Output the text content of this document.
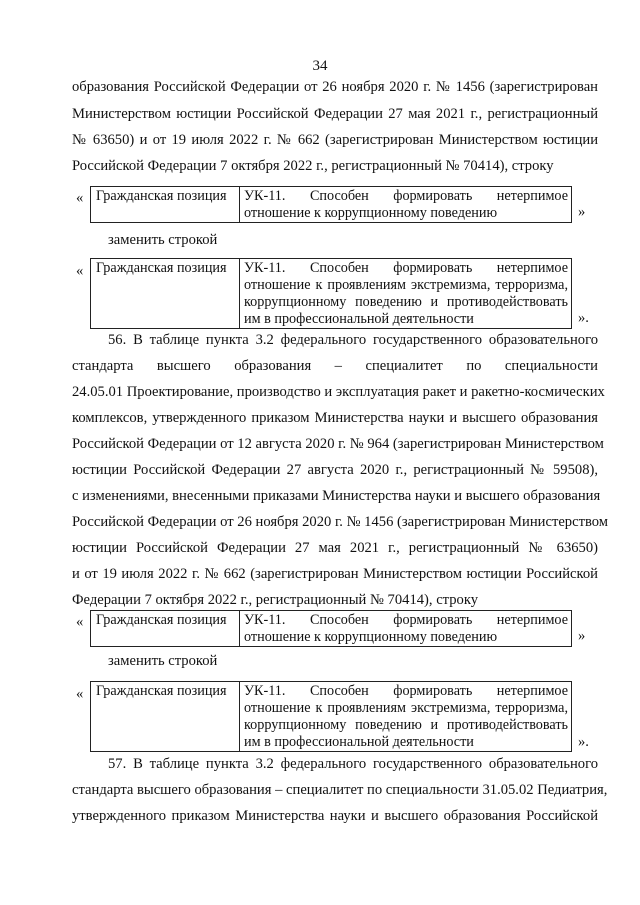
34
образования Российской Федерации от 26 ноября 2020 г. № 1456 (зарегистрирован
Министерством юстиции Российской Федерации 27 мая 2021 г., регистрационный
№ 63650) и от 19 июля 2022 г. № 662 (зарегистрирован Министерством юстиции
Российской Федерации 7 октября 2022 г., регистрационный № 70414), строку
« Гражданская позиция	УК-11. Способен формировать нетерпимое
отношение к коррупционному поведению	»
заменить строкой
« Гражданская позиция	УК-11. Способен формировать нетерпимое
отношение к проявлениям экстремизма, терроризма,
коррупционному поведению и противодействовать
им в профессиональной деятельности	».
56. В таблице пункта 3.2 федерального государственного образовательного
стандарта высшего образования – специалитет по специальности
24.05.01 Проектирование, производство и эксплуатация ракет и ракетно-космических
комплексов, утвержденного приказом Министерства науки и высшего образования
Российской Федерации от 12 августа 2020 г. № 964 (зарегистрирован Министерством
юстиции Российской Федерации 27 августа 2020 г., регистрационный № 59508),
с изменениями, внесенными приказами Министерства науки и высшего образования
Российской Федерации от 26 ноября 2020 г. № 1456 (зарегистрирован Министерством
юстиции Российской Федерации 27 мая 2021 г., регистрационный № 63650)
и от 19 июля 2022 г. № 662 (зарегистрирован Министерством юстиции Российской
Федерации 7 октября 2022 г., регистрационный № 70414), строку
« Гражданская позиция	УК-11. Способен формировать нетерпимое
отношение к коррупционному поведению	»
заменить строкой
« Гражданская позиция	УК-11. Способен формировать нетерпимое
отношение к проявлениям экстремизма, терроризма,
коррупционному поведению и противодействовать
им в профессиональной деятельности	».
57. В таблице пункта 3.2 федерального государственного образовательного
стандарта высшего образования – специалитет по специальности 31.05.02 Педиатрия,
утвержденного приказом Министерства науки и высшего образования Российской
